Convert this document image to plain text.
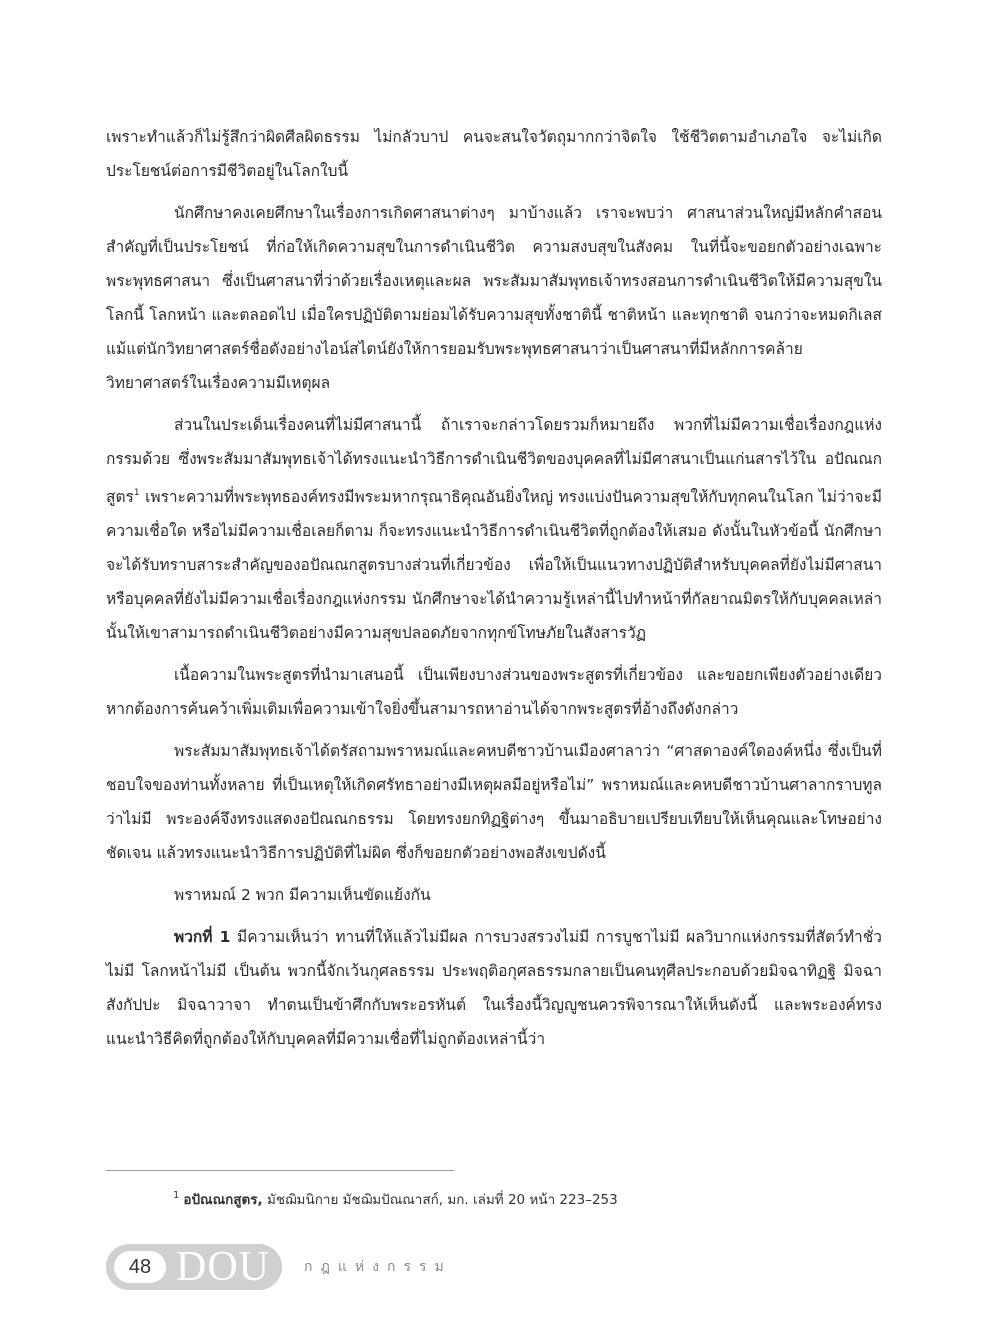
เพราะทำแล้วก็ไม่รู้สึกว่าผิดศีลผิดธรรม ไม่กลัวบาป คนจะสนใจวัตถุมากกว่าจิตใจ ใช้ชีวิตตามอำเภอใจ จะไม่เกิดประโยชน์ต่อการมีชีวิตอยู่ในโลกใบนี้

นักศึกษาคงเคยศึกษาในเรื่องการเกิดศาสนาต่างๆ มาบ้างแล้ว เราจะพบว่า ศาสนาส่วนใหญ่มีหลักคำสอนสำคัญที่เป็นประโยชน์ ที่ก่อให้เกิดความสุขในการดำเนินชีวิต ความสงบสุขในสังคม ในที่นี้จะขอยกตัวอย่างเฉพาะพระพุทธศาสนา ซึ่งเป็นศาสนาที่ว่าด้วยเรื่องเหตุและผล พระสัมมาสัมพุทธเจ้าทรงสอนการดำเนินชีวิตให้มีความสุขในโลกนี้ โลกหน้า และตลอดไป เมื่อใครปฏิบัติตามย่อมได้รับความสุขทั้งชาตินี้ ชาติหน้า และทุกชาติ จนกว่าจะหมดกิเลส แม้แต่นักวิทยาศาสตร์ชื่อดังอย่างไอน์สไตน์ยังให้การยอมรับพระพุทธศาสนาว่าเป็นศาสนาที่มีหลักการคล้ายวิทยาศาสตร์ในเรื่องความมีเหตุผล

ส่วนในประเด็นเรื่องคนที่ไม่มีศาสนานี้ ถ้าเราจะกล่าวโดยรวมก็หมายถึง พวกที่ไม่มีความเชื่อเรื่องกฎแห่งกรรมด้วย ซึ่งพระสัมมาสัมพุทธเจ้าได้ทรงแนะนำวิธีการดำเนินชีวิตของบุคคลที่ไม่มีศาสนาเป็นแก่นสารไว้ใน อปัณณกสูตร$^1$ เพราะความที่พระพุทธองค์ทรงมีพระมหากรุณาธิคุณอันยิ่งใหญ่ ทรงแบ่งปันความสุขให้กับทุกคนในโลก ไม่ว่าจะมีความเชื่อใด หรือไม่มีความเชื่อเลยก็ตาม ก็จะทรงแนะนำวิธีการดำเนินชีวิตที่ถูกต้องให้เสมอ ดังนั้นในหัวข้อนี้ นักศึกษาจะได้รับทราบสาระสำคัญของอปัณณกสูตรบางส่วนที่เกี่ยวข้อง เพื่อให้เป็นแนวทางปฏิบัติสำหรับบุคคลที่ยังไม่มีศาสนา หรือบุคคลที่ยังไม่มีความเชื่อเรื่องกฎแห่งกรรม นักศึกษาจะได้นำความรู้เหล่านี้ไปทำหน้าที่กัลยาณมิตรให้กับบุคคลเหล่านั้นให้เขาสามารถดำเนินชีวิตอย่างมีความสุขปลอดภัยจากทุกข์โทษภัยในสังสารวัฏ

เนื้อความในพระสูตรที่นำมาเสนอนี้ เป็นเพียงบางส่วนของพระสูตรที่เกี่ยวข้อง และขอยกเพียงตัวอย่างเดียว หากต้องการค้นคว้าเพิ่มเติมเพื่อความเข้าใจยิ่งขึ้นสามารถหาอ่านได้จากพระสูตรที่อ้างถึงดังกล่าว

พระสัมมาสัมพุทธเจ้าได้ตรัสถามพราหมณ์และคหบดีชาวบ้านเมืองศาลาว่า “ศาสดาองค์ใดองค์หนึ่ง ซึ่งเป็นที่ชอบใจของท่านทั้งหลาย ที่เป็นเหตุให้เกิดศรัทธาอย่างมีเหตุผลมีอยู่หรือไม่” พราหมณ์และคหบดีชาวบ้านศาลากราบทูลว่าไม่มี พระองค์จึงทรงแสดงอปัณณกธรรม โดยทรงยกทิฏฐิต่างๆ ขึ้นมาอธิบายเปรียบเทียบให้เห็นคุณและโทษอย่างชัดเจน แล้วทรงแนะนำวิธีการปฏิบัติที่ไม่ผิด ซึ่งก็ขอยกตัวอย่างพอสังเขปดังนี้

พราหมณ์ 2 พวก มีความเห็นขัดแย้งกัน

พวกที่ 1 มีความเห็นว่า ทานที่ให้แล้วไม่มีผล การบวงสรวงไม่มี การบูชาไม่มี ผลวิบากแห่งกรรมที่สัตว์ทำชั่วไม่มี โลกหน้าไม่มี เป็นต้น พวกนี้จักเว้นกุศลธรรม ประพฤติอกุศลธรรมกลายเป็นคนทุศีลประกอบด้วยมิจฉาทิฏฐิ มิจฉาสังกัปปะ มิจฉาวาจา ทำตนเป็นข้าศึกกับพระอรหันต์ ในเรื่องนี้วิญญูชนควรพิจารณาให้เห็นดังนี้ และพระองค์ทรงแนะนำวิธีคิดที่ถูกต้องให้กับบุคคลที่มีความเชื่อที่ไม่ถูกต้องเหล่านี้ว่า

$^1$ อปัณณกสูตร, มัชฌิมนิกาย มัชฌิมปัณณาสก์, มก. เล่มที่ 20 หน้า 223–253
48 DOU กฎแห่งกรรม
